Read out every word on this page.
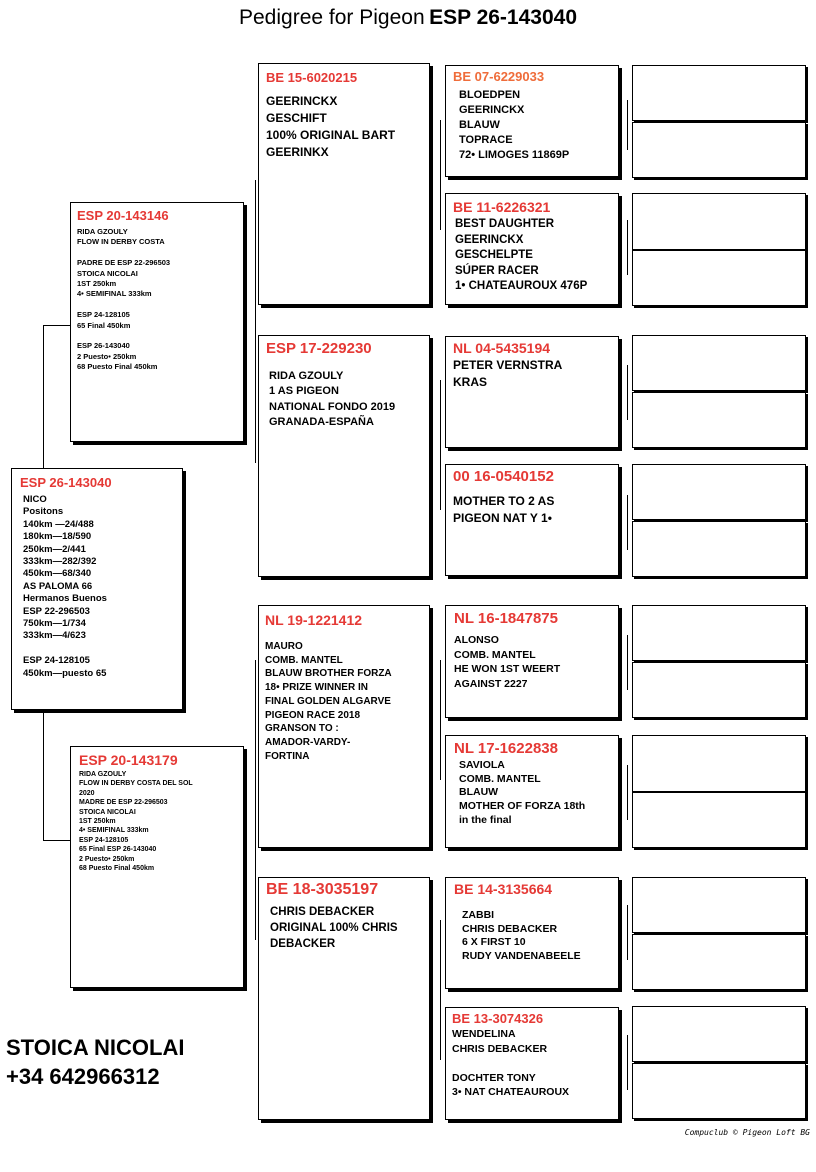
Pedigree for Pigeon ESP 26-143040
ESP 26-143040
NICO
Positons
140km —24/488
180km—18/590
250km—2/441
333km—282/392
450km—68/340
AS PALOMA 66
Hermanos Buenos
ESP 22-296503
750km—1/734
333km—4/623

ESP 24-128105
450km—puesto 65
ESP 20-143146
RIDA GZOULY
FLOW IN DERBY COSTA

PADRE DE ESP 22-296503
STOICA NICOLAI
1ST 250km
4• SEMIFINAL 333km

ESP 24-128105
65 Final 450km

ESP 26-143040
2 Puesto• 250km
68 Puesto Final 450km
ESP 20-143179
RIDA GZOULY
FLOW IN DERBY COSTA DEL SOL
2020
MADRE DE ESP 22-296503
STOICA NICOLAI
1ST 250km
4• SEMIFINAL 333km
ESP 24-128105
65 Final ESP 26-143040
2 Puesto• 250km
68 Puesto Final 450km
BE 15-6020215
GEERINCKX
GESCHIFT
100% ORIGINAL BART
GEERINKX
ESP 17-229230
RIDA GZOULY
1 AS PIGEON
NATIONAL FONDO 2019
GRANADA-ESPAÑA
NL 19-1221412
MAURO
COMB. MANTEL
BLAUW BROTHER FORZA
18• PRIZE WINNER IN
FINAL GOLDEN ALGARVE
PIGEON RACE 2018
GRANSON TO :
AMADOR-VARDY-
FORTINA
BE 18-3035197
CHRIS DEBACKER
ORIGINAL 100% CHRIS
DEBACKER
BE 07-6229033
BLOEDPEN
GEERINCKX
BLAUW
TOPRACE
72• LIMOGES 11869P
BE 11-6226321
BEST DAUGHTER
GEERINCKX
GESCHELPTE
SÚPER RACER
1• CHATEAUROUX 476P
NL 04-5435194
PETER VERNSTRA
KRAS
00 16-0540152
MOTHER TO 2 AS
PIGEON NAT Y 1•
NL 16-1847875
ALONSO
COMB. MANTEL
HE WON 1ST WEERT
AGAINST 2227
NL 17-1622838
SAVIOLA
COMB. MANTEL
BLAUW
MOTHER OF FORZA 18th
in the final
BE 14-3135664
ZABBI
CHRIS DEBACKER
6 X FIRST 10
RUDY VANDENABEELE
BE 13-3074326
WENDELINA
CHRIS DEBACKER

DOCHTER TONY
3• NAT CHATEAUROUX
STOICA NICOLAI
+34 642966312
Compuclub © Pigeon Loft BG
